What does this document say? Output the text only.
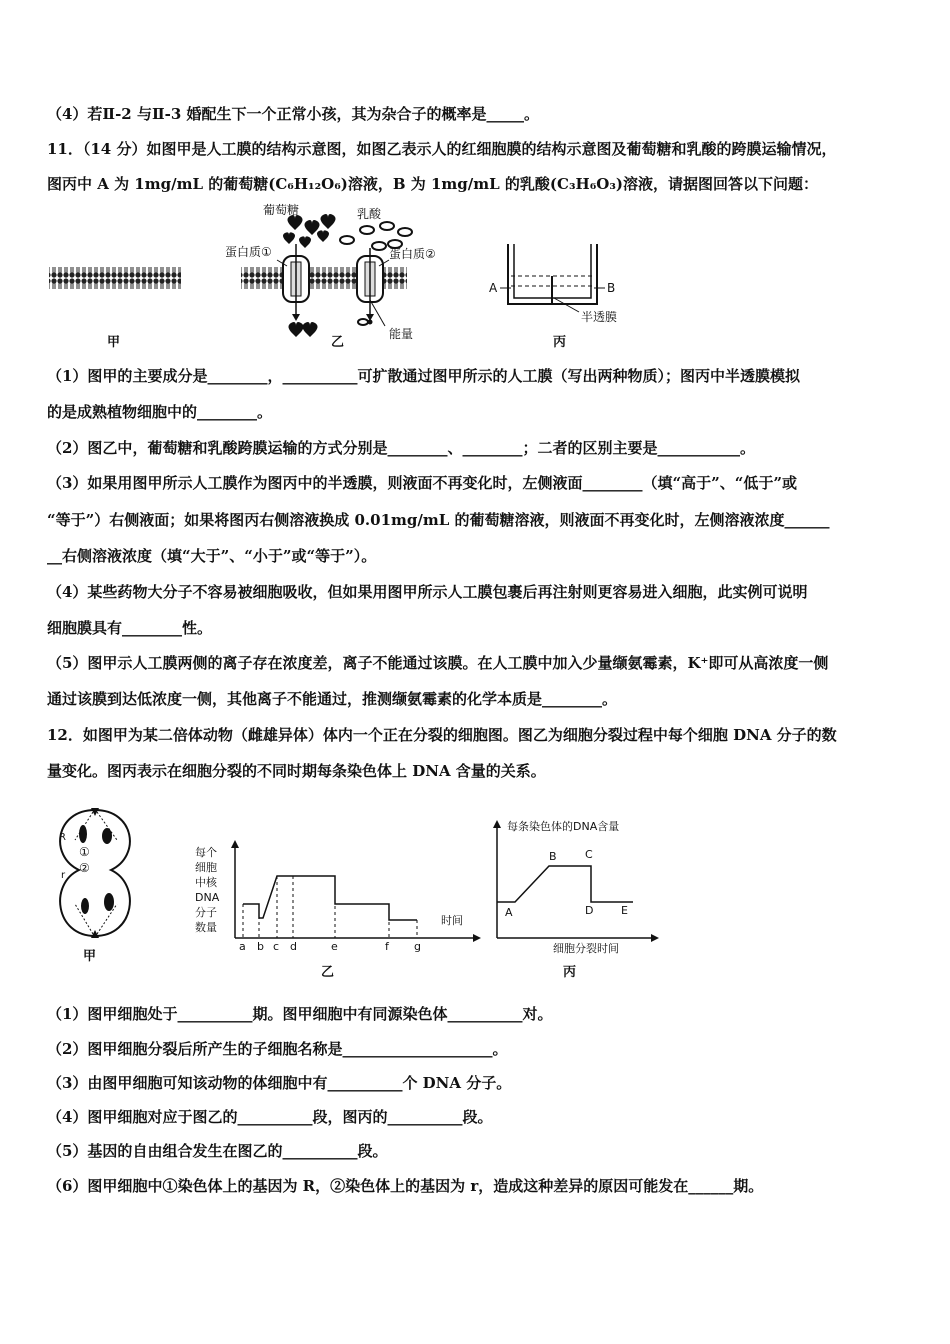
（4）若Ⅱ-2 与Ⅱ-3 婚配生下一个正常小孩，其为杂合子的概率是_____。
11．（14 分）如图甲是人工膜的结构示意图，如图乙表示人的红细胞膜的结构示意图及葡萄糖和乳酸的跨膜运输情况，
图丙中 A 为 1mg/mL 的葡萄糖(C₆H₁₂O₆)溶液，B 为 1mg/mL 的乳酸(C₃H₆O₃)溶液，请据图回答以下问题：
葡萄糖	乳酸
蛋白质①	蛋白质②
能量
A	B
半透膜
甲	乙	丙
（1）图甲的主要成分是________，__________可扩散通过图甲所示的人工膜（写出两种物质）；图丙中半透膜模拟
的是成熟植物细胞中的________。
（2）图乙中，葡萄糖和乳酸跨膜运输的方式分别是________、________；二者的区别主要是___________。
（3）如果用图甲所示人工膜作为图丙中的半透膜，则液面不再变化时，左侧液面________（填“高于”、“低于”或
“等于”）右侧液面；如果将图丙右侧溶液换成 0.01mg/mL 的葡萄糖溶液，则液面不再变化时，左侧溶液浓度______
__右侧溶液浓度（填“大于”、“小于”或“等于”）。
（4）某些药物大分子不容易被细胞吸收，但如果用图甲所示人工膜包裹后再注射则更容易进入细胞，此实例可说明
细胞膜具有________性。
（5）图甲示人工膜两侧的离子存在浓度差，离子不能通过该膜。在人工膜中加入少量缬氨霉素，K⁺即可从高浓度一侧
通过该膜到达低浓度一侧，其他离子不能通过，推测缬氨霉素的化学本质是________。
12．如图甲为某二倍体动物（雌雄异体）体内一个正在分裂的细胞图。图乙为细胞分裂过程中每个细胞 DNA 分子的数
量变化。图丙表示在细胞分裂的不同时期每条染色体上 DNA 含量的关系。
R
①
②
r
甲
每个
细胞
中核
DNA
分子
数量
时间
a b c d	e	f g
乙
每条染色体的DNA含量
A
B	C
D	E
细胞分裂时间
丙
（1）图甲细胞处于__________期。图甲细胞中有同源染色体__________对。
（2）图甲细胞分裂后所产生的子细胞名称是____________________。
（3）由图甲细胞可知该动物的体细胞中有__________个 DNA 分子。
（4）图甲细胞对应于图乙的__________段，图丙的__________段。
（5）基因的自由组合发生在图乙的__________段。
（6）图甲细胞中①染色体上的基因为 R，②染色体上的基因为 r，造成这种差异的原因可能发在______期。
